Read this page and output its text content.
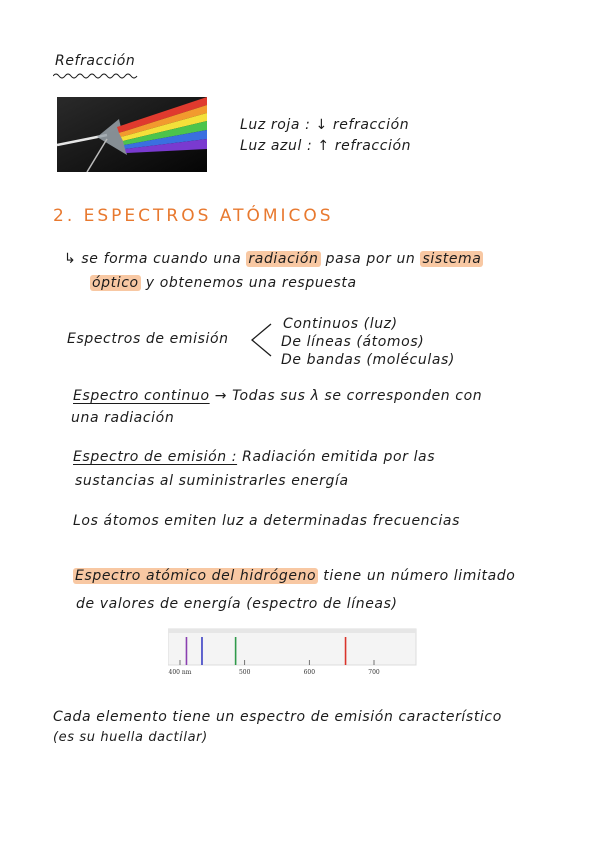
Refracción
Luz roja : ↓ refracción
Luz azul : ↑ refracción
2. ESPECTROS ATÓMICOS
↳ se forma cuando una radiación pasa por un sistema
óptico y obtenemos una respuesta
Espectros de emisión
Continuos (luz)
De líneas (átomos)
De bandas (moléculas)
Espectro continuo → Todas sus λ se corresponden con
una radiación
Espectro de emisión : Radiación emitida por las
sustancias al suministrarles energía
Los átomos emiten luz a determinadas frecuencias
Espectro atómico del hidrógeno tiene un número limitado
de valores de energía (espectro de líneas)
400 nm	500	600	700
Cada elemento tiene un espectro de emisión característico
(es su huella dactilar)
